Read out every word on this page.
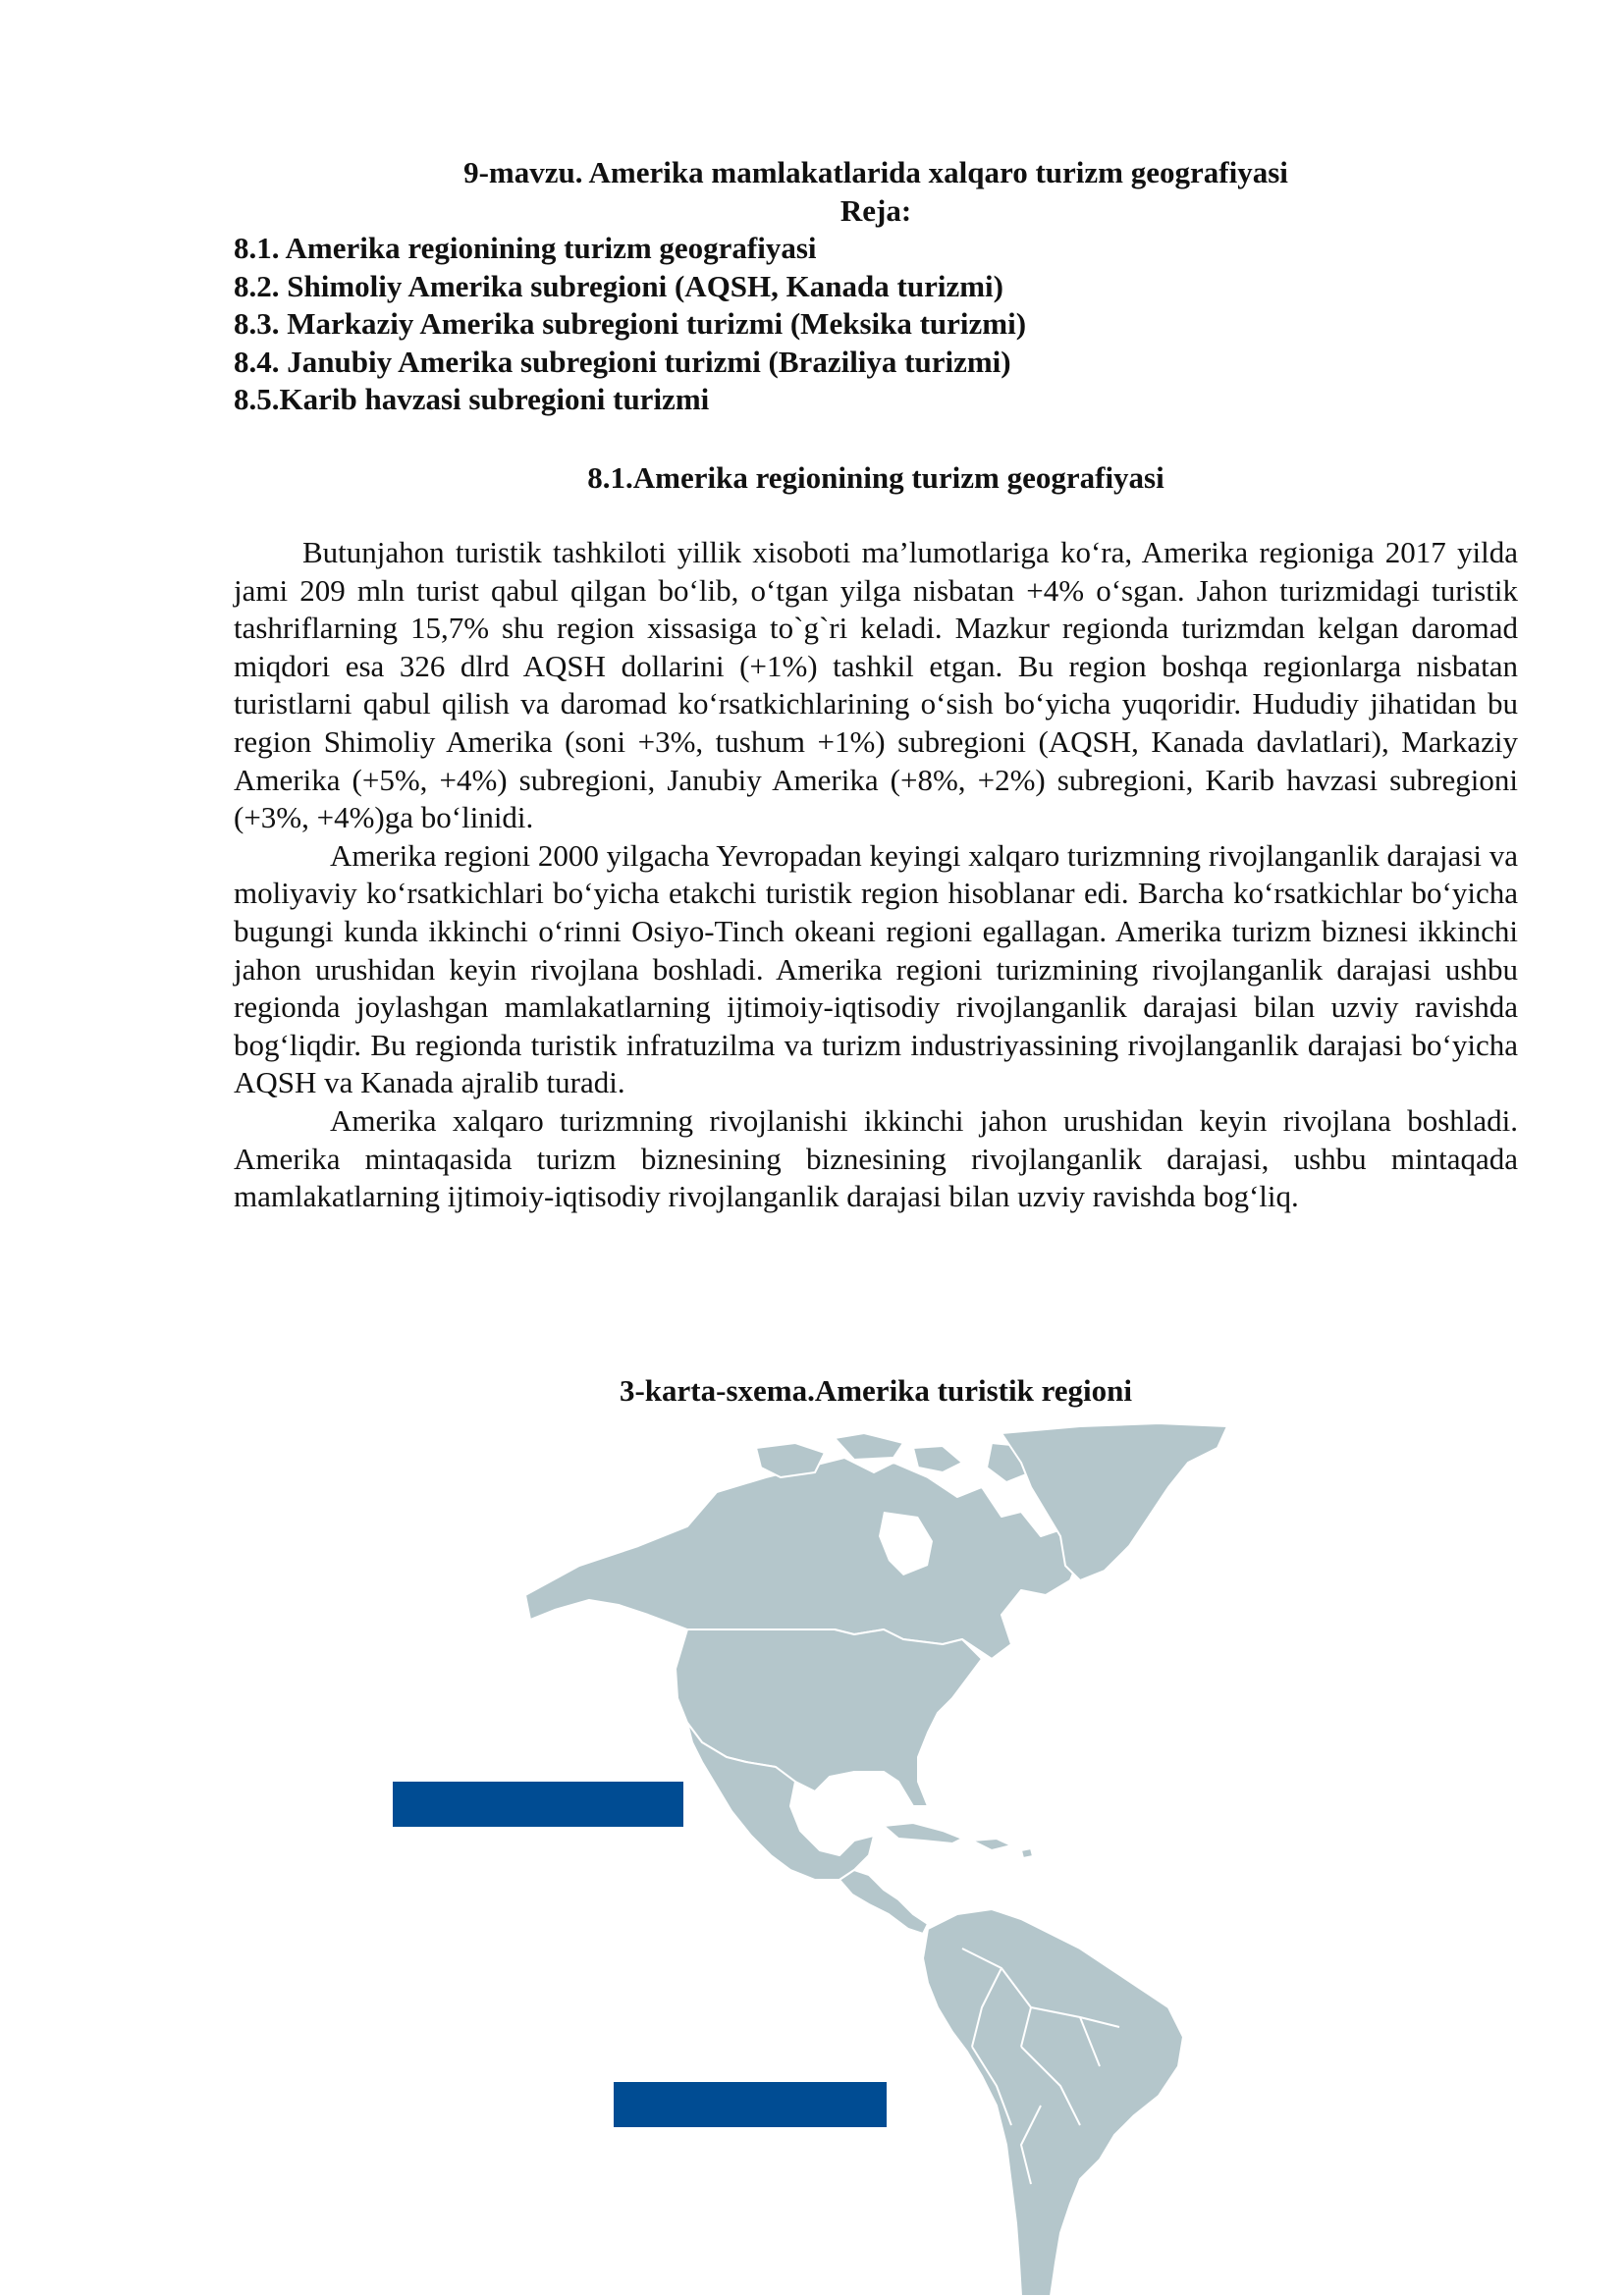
9-mavzu. Amerika mamlakatlarida xalqaro turizm geografiyasi
Reja:
8.1. Amerika regionining turizm geografiyasi
8.2. Shimoliy Amerika subregioni (AQSH, Kanada turizmi)
8.3. Markaziy Amerika subregioni turizmi (Meksika turizmi)
8.4. Janubiy Amerika subregioni turizmi (Braziliya turizmi)
8.5.Karib havzasi subregioni turizmi
8.1.Amerika regionining turizm geografiyasi

Butunjahon turistik tashkiloti yillik xisoboti ma’lumotlariga ko‘ra, Amerika regioniga 2017 yilda jami 209 mln turist qabul qilgan bo‘lib, o‘tgan yilga nisbatan +4% o‘sgan. Jahon turizmidagi turistik tashriflarning 15,7% shu region xissasiga to`g`ri keladi. Mazkur regionda turizmdan kelgan daromad miqdori esa 326 dlrd AQSH dollarini (+1%) tashkil etgan. Bu region boshqa regionlarga nisbatan turistlarni qabul qilish va daromad ko‘rsatkichlarining o‘sish bo‘yicha yuqoridir. Hududiy jihatidan bu region Shimoliy Amerika (soni +3%, tushum +1%) subregioni (AQSH, Kanada davlatlari), Markaziy Amerika (+5%, +4%) subregioni, Janubiy Amerika (+8%, +2%) subregioni, Karib havzasi subregioni (+3%, +4%)ga bo‘linidi.

Amerika regioni 2000 yilgacha Yevropadan keyingi xalqaro turizmning rivojlanganlik darajasi va moliyaviy ko‘rsatkichlari bo‘yicha etakchi turistik region hisoblanar edi. Barcha ko‘rsatkichlar bo‘yicha bugungi kunda ikkinchi o‘rinni Osiyo-Tinch okeani regioni egallagan. Amerika turizm biznesi ikkinchi jahon urushidan keyin rivojlana boshladi. Amerika regioni turizmining rivojlanganlik darajasi ushbu regionda joylashgan mamlakatlarning ijtimoiy-iqtisodiy rivojlanganlik darajasi bilan uzviy ravishda bog‘liqdir. Bu regionda turistik infratuzilma va turizm industriyassining rivojlanganlik darajasi bo‘yicha AQSH va Kanada ajralib turadi.

Amerika xalqaro turizmning rivojlanishi ikkinchi jahon urushidan keyin rivojlana boshladi. Amerika mintaqasida turizm biznesining biznesining rivojlanganlik darajasi, ushbu mintaqada mamlakatlarning ijtimoiy-iqtisodiy rivojlanganlik darajasi bilan uzviy ravishda bog‘liq.

3-karta-sxema.Amerika turistik regioni
